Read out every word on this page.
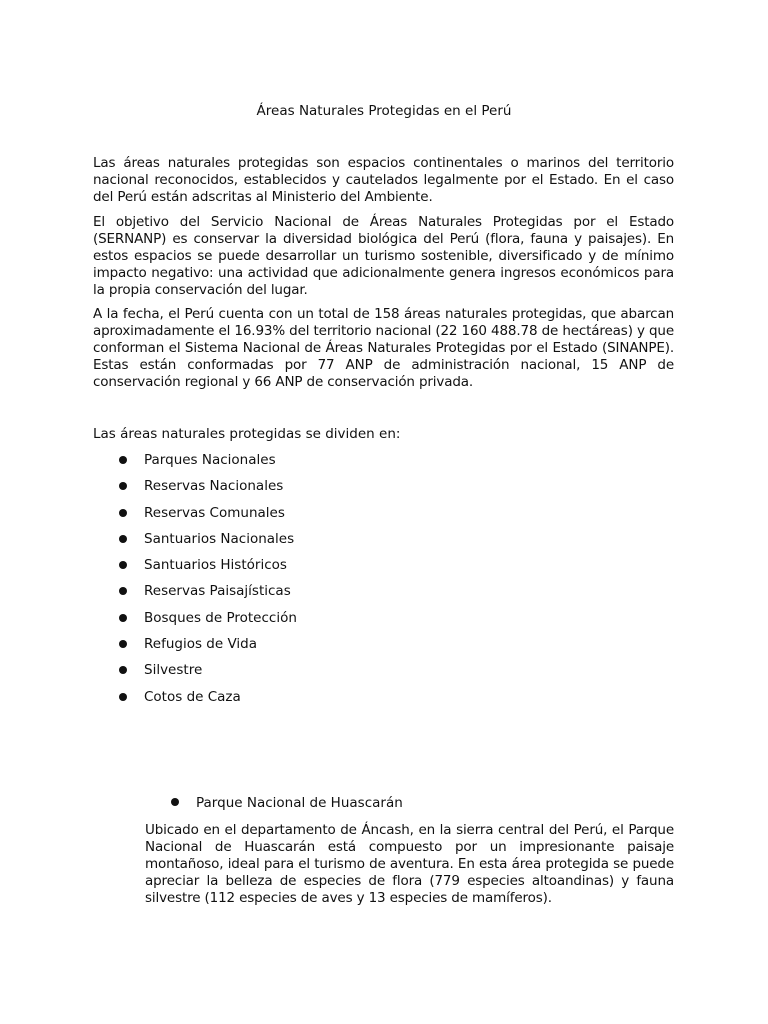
Áreas Naturales Protegidas en el Perú
Las áreas naturales protegidas son espacios continentales o marinos del territorio nacional reconocidos, establecidos y cautelados legalmente por el Estado. En el caso del Perú están adscritas al Ministerio del Ambiente.
El objetivo del Servicio Nacional de Áreas Naturales Protegidas por el Estado (SERNANP) es conservar la diversidad biológica del Perú (flora, fauna y paisajes). En estos espacios se puede desarrollar un turismo sostenible, diversificado y de mínimo impacto negativo: una actividad que adicionalmente genera ingresos económicos para la propia conservación del lugar.
A la fecha, el Perú cuenta con un total de 158 áreas naturales protegidas, que abarcan aproximadamente el 16.93% del territorio nacional (22 160 488.78 de hectáreas) y que conforman el Sistema Nacional de Áreas Naturales Protegidas por el Estado (SINANPE). Estas están conformadas por 77 ANP de administración nacional, 15 ANP de conservación regional y 66 ANP de conservación privada.
Las áreas naturales protegidas se dividen en:
Parques Nacionales
Reservas Nacionales
Reservas Comunales
Santuarios Nacionales
Santuarios Históricos
Reservas Paisajísticas
Bosques de Protección
Refugios de Vida
Silvestre
Cotos de Caza
Parque Nacional de Huascarán
Ubicado en el departamento de Áncash, en la sierra central del Perú, el Parque Nacional de Huascarán está compuesto por un impresionante paisaje montañoso, ideal para el turismo de aventura. En esta área protegida se puede apreciar la belleza de especies de flora (779 especies altoandinas) y fauna silvestre (112 especies de aves y 13 especies de mamíferos).
